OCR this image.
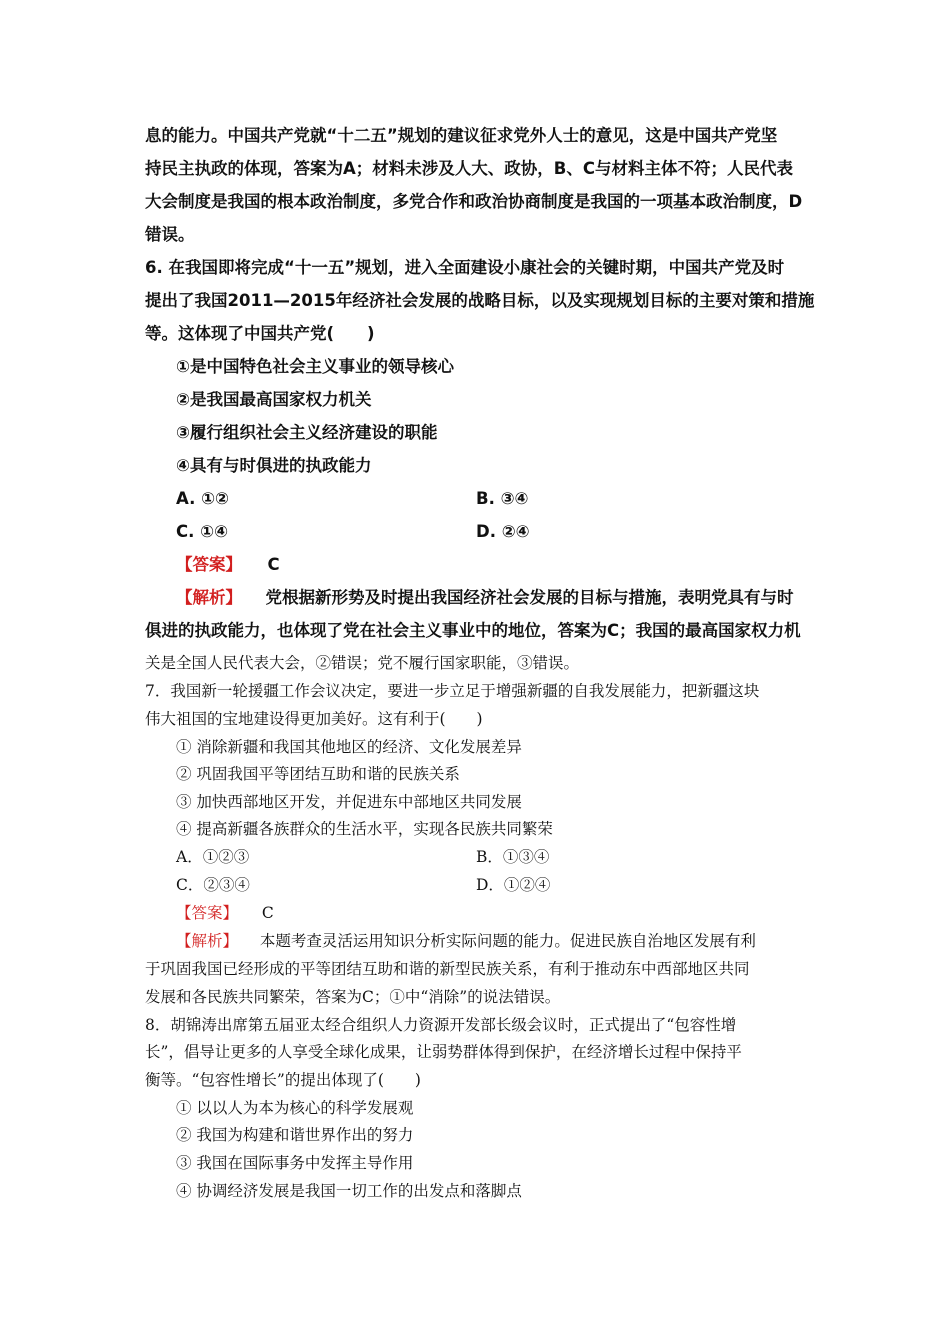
息的能力。中国共产党就“十二五”规划的建议征求党外人士的意见，这是中国共产党坚
持民主执政的体现，答案为A；材料未涉及人大、政协，B、C与材料主体不符；人民代表
大会制度是我国的根本政治制度，多党合作和政治协商制度是我国的一项基本政治制度，D
错误。
6. 在我国即将完成“十一五”规划，进入全面建设小康社会的关键时期，中国共产党及时
提出了我国2011—2015年经济社会发展的战略目标，以及实现规划目标的主要对策和措施
等。这体现了中国共产党(　　)
①是中国特色社会主义事业的领导核心
②是我国最高国家权力机关
③履行组织社会主义经济建设的职能
④具有与时俱进的执政能力
A. ①②	B. ③④
C. ①④	D. ②④
【答案】 C
【解析】 党根据新形势及时提出我国经济社会发展的目标与措施，表明党具有与时
俱进的执政能力，也体现了党在社会主义事业中的地位，答案为C；我国的最高国家权力机
关是全国人民代表大会，②错误；党不履行国家职能，③错误。
7．我国新一轮援疆工作会议决定，要进一步立足于增强新疆的自我发展能力，把新疆这块
伟大祖国的宝地建设得更加美好。这有利于(　　)
① 消除新疆和我国其他地区的经济、文化发展差异
② 巩固我国平等团结互助和谐的民族关系
③ 加快西部地区开发，并促进东中部地区共同发展
④ 提高新疆各族群众的生活水平，实现各民族共同繁荣
A．①②③	B．①③④
C．②③④	D．①②④
【答案】 C
【解析】 本题考查灵活运用知识分析实际问题的能力。促进民族自治地区发展有利
于巩固我国已经形成的平等团结互助和谐的新型民族关系，有利于推动东中西部地区共同
发展和各民族共同繁荣，答案为C；①中“消除”的说法错误。
8．胡锦涛出席第五届亚太经合组织人力资源开发部长级会议时，正式提出了“包容性增
长”，倡导让更多的人享受全球化成果，让弱势群体得到保护，在经济增长过程中保持平
衡等。“包容性增长”的提出体现了(　　)
① 以以人为本为核心的科学发展观
② 我国为构建和谐世界作出的努力
③ 我国在国际事务中发挥主导作用
④ 协调经济发展是我国一切工作的出发点和落脚点
